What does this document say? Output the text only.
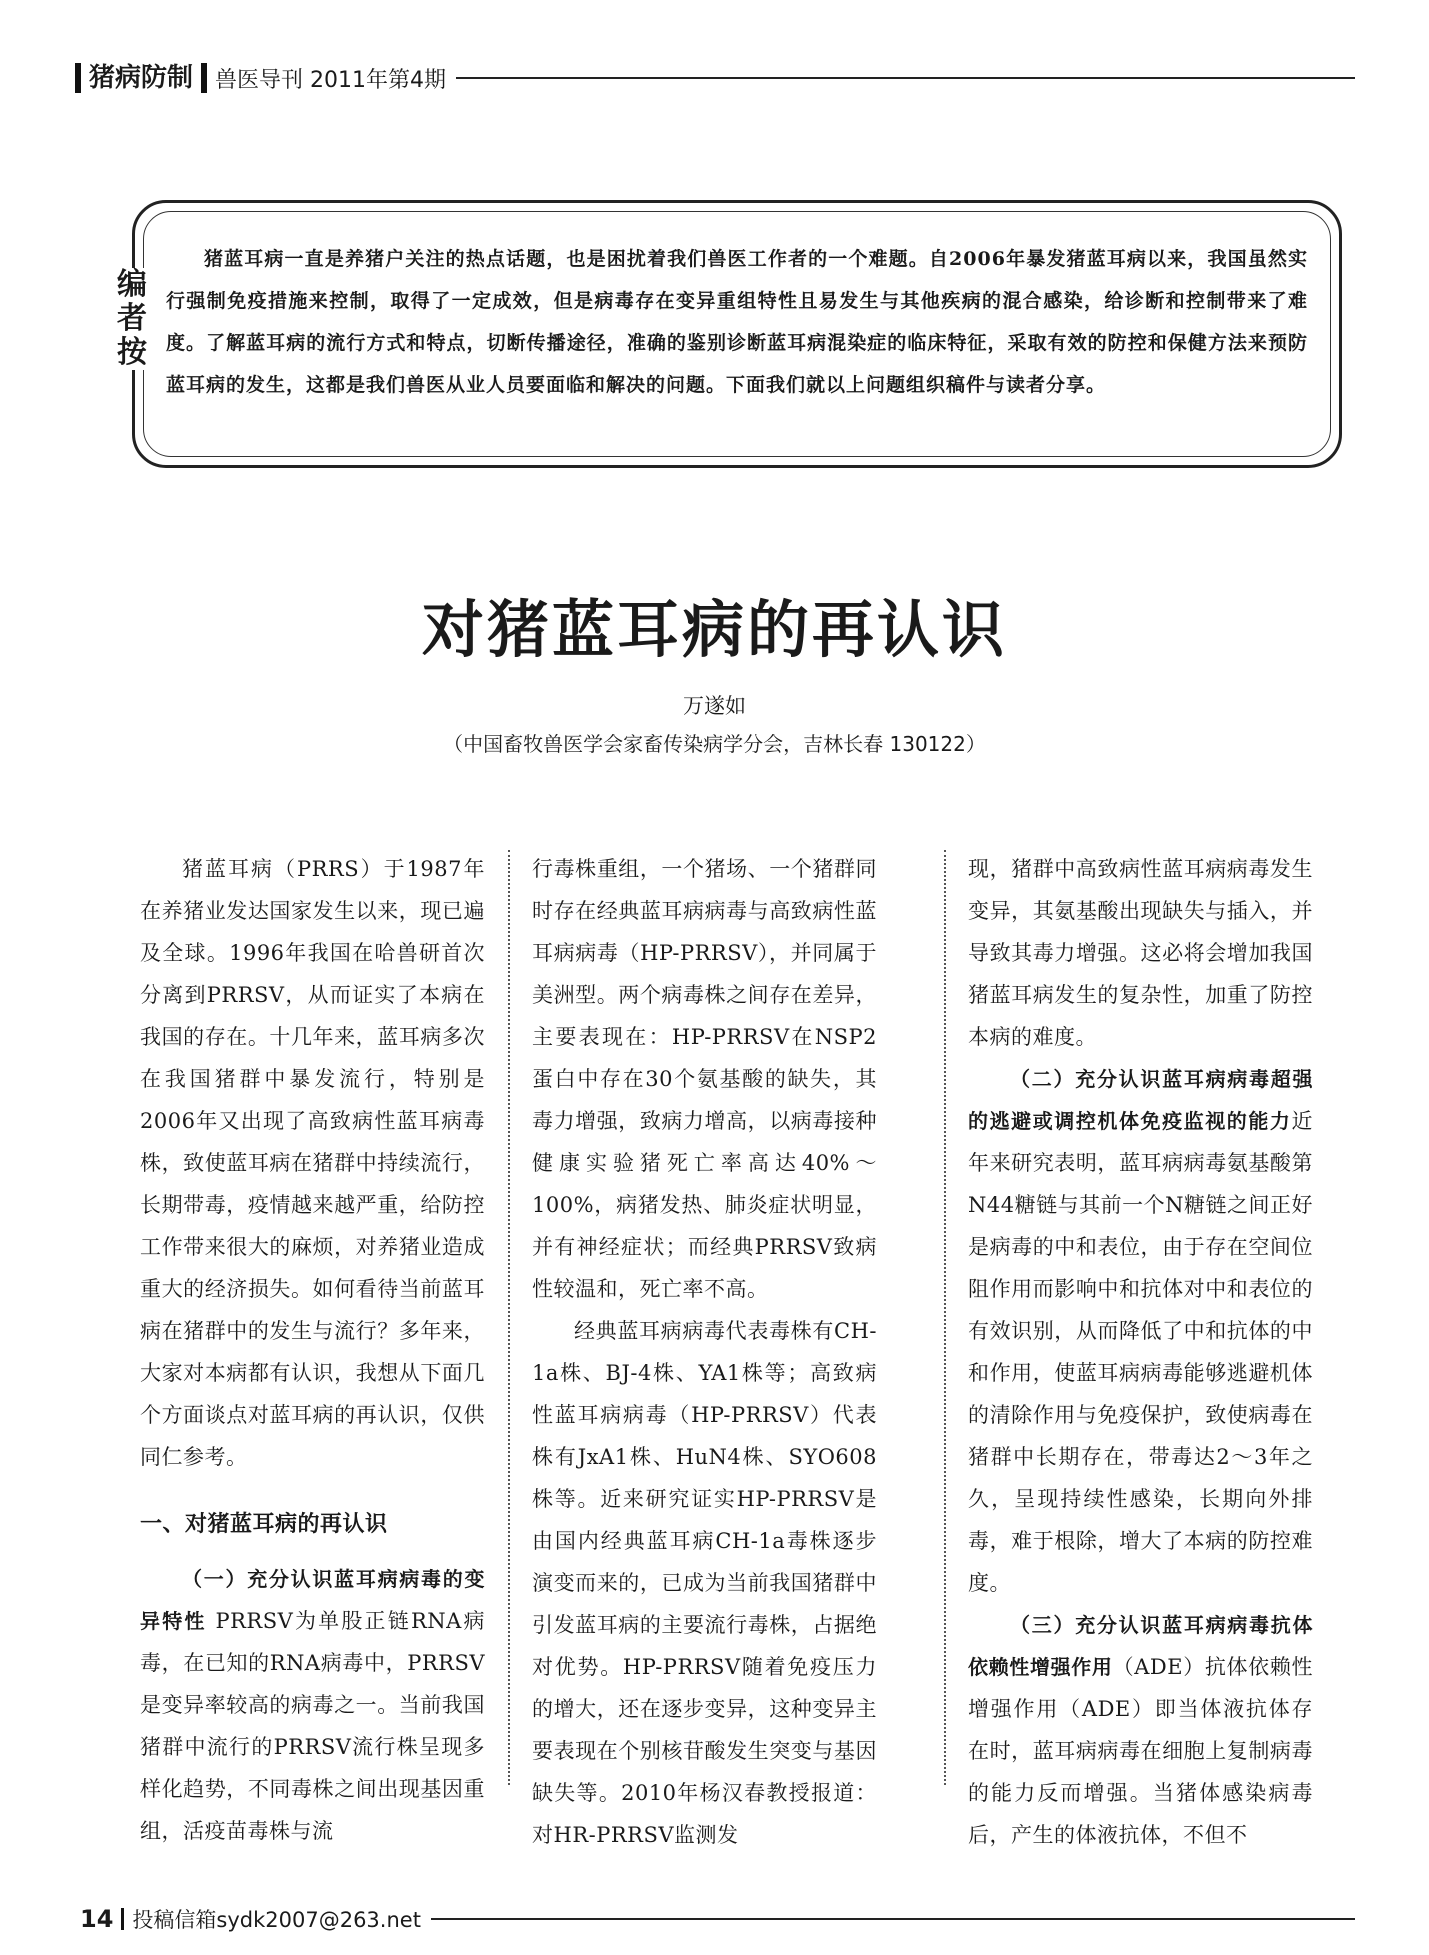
猪病防制	兽医导刊 2011年第4期
编
者
按
猪蓝耳病一直是养猪户关注的热点话题，也是困扰着我们兽医工作者的一个难题。自2006年暴发猪蓝耳病以来，我国虽然实行强制免疫措施来控制，取得了一定成效，但是病毒存在变异重组特性且易发生与其他疾病的混合感染，给诊断和控制带来了难度。了解蓝耳病的流行方式和特点，切断传播途径，准确的鉴别诊断蓝耳病混染症的临床特征，采取有效的防控和保健方法来预防蓝耳病的发生，这都是我们兽医从业人员要面临和解决的问题。下面我们就以上问题组织稿件与读者分享。
对猪蓝耳病的再认识
万遂如
（中国畜牧兽医学会家畜传染病学分会，吉林长春 130122）

猪蓝耳病（PRRS）于1987年在养猪业发达国家发生以来，现已遍及全球。1996年我国在哈兽研首次分离到PRRSV，从而证实了本病在我国的存在。十几年来，蓝耳病多次在我国猪群中暴发流行，特别是2006年又出现了高致病性蓝耳病毒株，致使蓝耳病在猪群中持续流行，长期带毒，疫情越来越严重，给防控工作带来很大的麻烦，对养猪业造成重大的经济损失。如何看待当前蓝耳病在猪群中的发生与流行？多年来，大家对本病都有认识，我想从下面几个方面谈点对蓝耳病的再认识，仅供同仁参考。

一、对猪蓝耳病的再认识

（一）充分认识蓝耳病病毒的变异特性 PRRSV为单股正链RNA病毒，在已知的RNA病毒中，PRRSV是变异率较高的病毒之一。当前我国猪群中流行的PRRSV流行株呈现多样化趋势，不同毒株之间出现基因重组，活疫苗毒株与流

行毒株重组，一个猪场、一个猪群同时存在经典蓝耳病病毒与高致病性蓝耳病病毒（HP-PRRSV），并同属于美洲型。两个病毒株之间存在差异，主要表现在：HP-PRRSV在NSP2蛋白中存在30个氨基酸的缺失，其毒力增强，致病力增高，以病毒接种健康实验猪死亡率高达40%～100%，病猪发热、肺炎症状明显，并有神经症状；而经典PRRSV致病性较温和，死亡率不高。

经典蓝耳病病毒代表毒株有CH-1a株、BJ-4株、YA1株等；高致病性蓝耳病病毒（HP-PRRSV）代表株有JxA1株、HuN4株、SYO608株等。近来研究证实HP-PRRSV是由国内经典蓝耳病CH-1a毒株逐步演变而来的，已成为当前我国猪群中引发蓝耳病的主要流行毒株，占据绝对优势。HP-PRRSV随着免疫压力的增大，还在逐步变异，这种变异主要表现在个别核苷酸发生突变与基因缺失等。2010年杨汉春教授报道：对HR-PRRSV监测发

现，猪群中高致病性蓝耳病病毒发生变异，其氨基酸出现缺失与插入，并导致其毒力增强。这必将会增加我国猪蓝耳病发生的复杂性，加重了防控本病的难度。

（二）充分认识蓝耳病病毒超强的逃避或调控机体免疫监视的能力近年来研究表明，蓝耳病病毒氨基酸第N44糖链与其前一个N糖链之间正好是病毒的中和表位，由于存在空间位阻作用而影响中和抗体对中和表位的有效识别，从而降低了中和抗体的中和作用，使蓝耳病病毒能够逃避机体的清除作用与免疫保护，致使病毒在猪群中长期存在，带毒达2～3年之久，呈现持续性感染，长期向外排毒，难于根除，增大了本病的防控难度。

（三）充分认识蓝耳病病毒抗体依赖性增强作用（ADE）抗体依赖性增强作用（ADE）即当体液抗体存在时，蓝耳病病毒在细胞上复制病毒的能力反而增强。当猪体感染病毒后，产生的体液抗体，不但不

14 投稿信箱sydk2007@263.net
